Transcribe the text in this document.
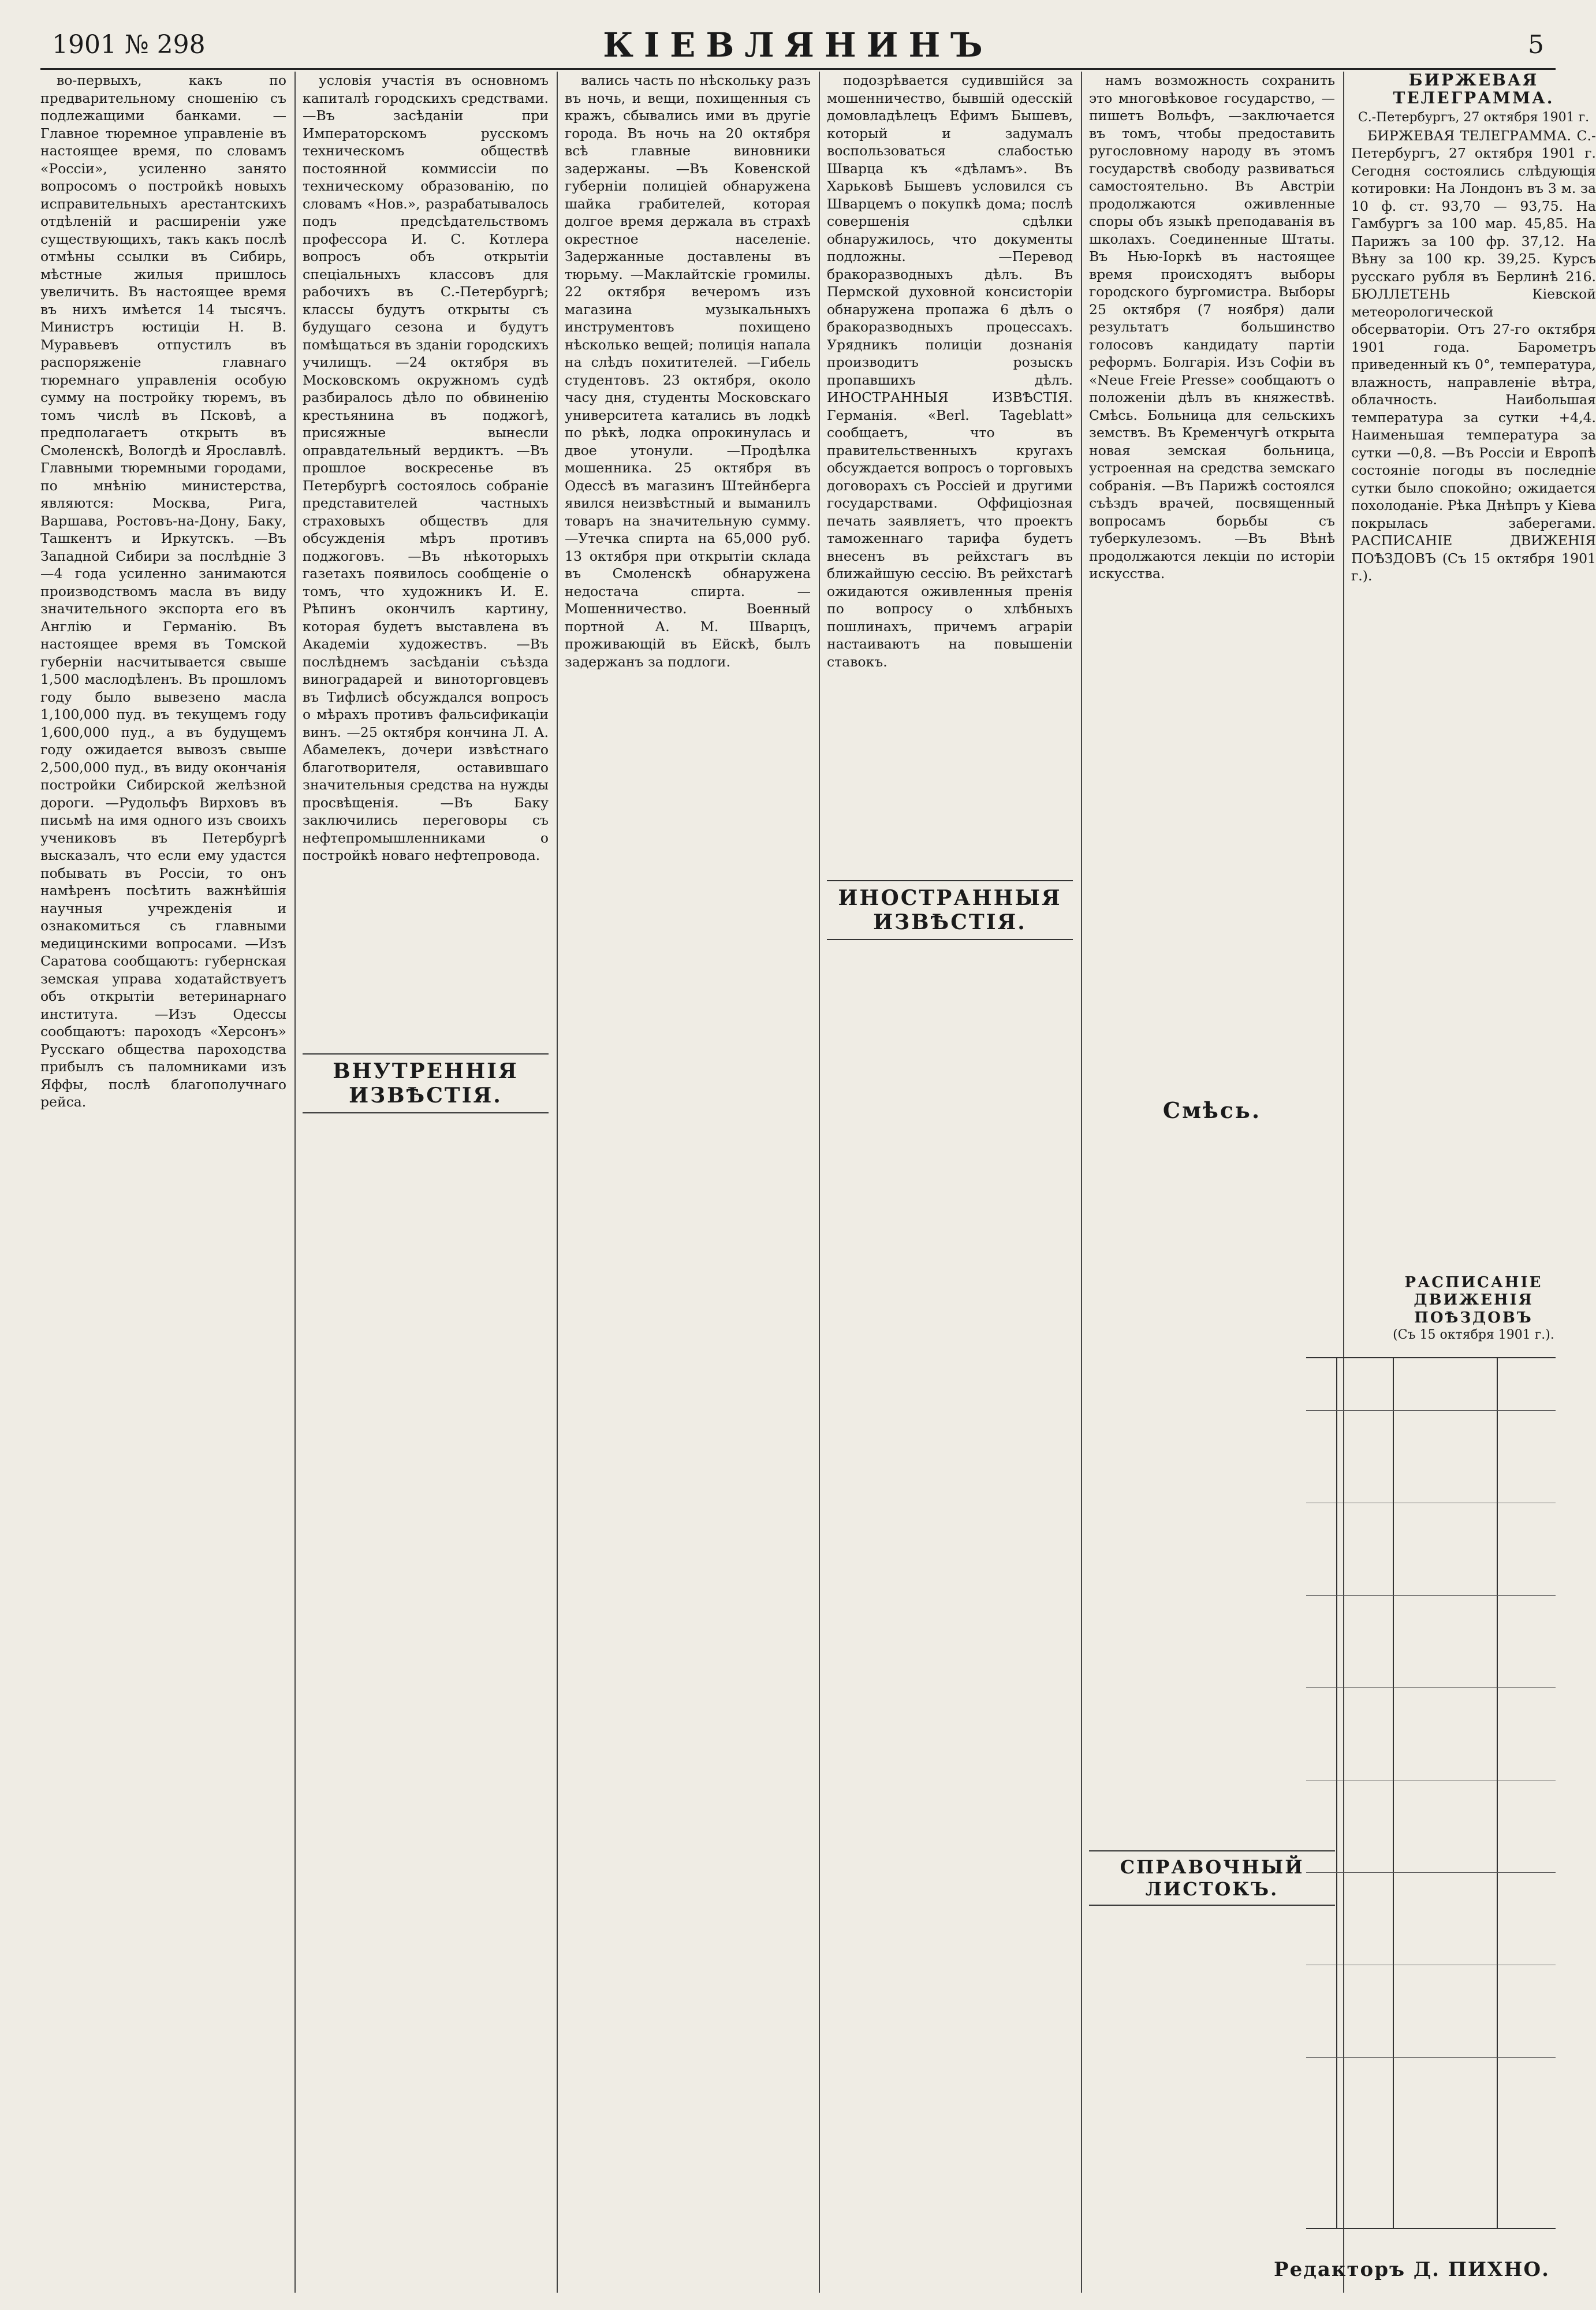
1901 № 298	КІЕВЛЯНИНЪ	5

во-первыхъ, какъ по предварительному сношенію съ подлежащими банками. —Главное тюремное управленіе въ настоящее время, по словамъ «Россіи», усиленно занято вопросомъ о постройкѣ новыхъ исправительныхъ арестантскихъ отдѣленій и расширеніи уже существующихъ, такъ какъ послѣ отмѣны ссылки въ Сибирь, мѣстные жилыя пришлось увеличить. Въ настоящее время въ нихъ имѣется 14 тысячъ. Министръ юстиціи Н. В. Муравьевъ отпустилъ въ распоряженіе главнаго тюремнаго управленія особую сумму на постройку тюремъ, въ томъ числѣ въ Псковѣ, а предполагаетъ открыть въ Смоленскѣ, Вологдѣ и Ярославлѣ. Главными тюремными городами, по мнѣнію министерства, являются: Москва, Рига, Варшава, Ростовъ-на-Дону, Баку, Ташкентъ и Иркутскъ. —Въ Западной Сибири за послѣдніе 3—4 года усиленно занимаются производствомъ масла въ виду значительного экспорта его въ Англію и Германію. Въ настоящее время въ Томской губерніи насчитывается свыше 1,500 маслодѣленъ. Въ прошломъ году было вывезено масла 1,100,000 пуд. въ текущемъ году 1,600,000 пуд., а въ будущемъ году ожидается вывозъ свыше 2,500,000 пуд., въ виду окончанія постройки Сибирской желѣзной дороги. —Рудольфъ Вирховъ въ письмѣ на имя одного изъ своихъ учениковъ въ Петербургѣ высказалъ, что если ему удастся побывать въ Россіи, то онъ намѣренъ посѣтить важнѣйшія научныя учрежденія и ознакомиться съ главными медицинскими вопросами. —Изъ Саратова сообщаютъ: губернская земская управа ходатайствуетъ объ открытіи ветеринарнаго института. —Изъ Одессы сообщаютъ: пароходъ «Херсонъ» Русскаго общества пароходства прибылъ съ паломниками изъ Яффы, послѣ благополучнаго рейса.

условія участія въ основномъ капиталѣ городскихъ средствами. —Въ засѣданіи при Императорскомъ русскомъ техническомъ обществѣ постоянной коммиссіи по техническому образованію, по словамъ «Нов.», разрабатывалось подъ предсѣдательствомъ профессора И. С. Котлера вопросъ объ открытіи спеціальныхъ классовъ для рабочихъ въ С.-Петербургѣ; классы будутъ открыты съ будущаго сезона и будутъ помѣщаться въ зданіи городскихъ училищъ. —24 октября въ Московскомъ окружномъ судѣ разбиралось дѣло по обвиненію крестьянина въ поджогѣ, присяжные вынесли оправдательный вердиктъ. —Въ прошлое воскресенье въ Петербургѣ состоялось собраніе представителей частныхъ страховыхъ обществъ для обсужденія мѣръ противъ поджоговъ. —Въ нѣкоторыхъ газетахъ появилось сообщеніе о томъ, что художникъ И. Е. Рѣпинъ окончилъ картину, которая будетъ выставлена въ Академіи художествъ. —Въ послѣднемъ засѣданіи съѣзда виноградарей и виноторговцевъ въ Тифлисѣ обсуждался вопросъ о мѣрахъ противъ фальсификаціи винъ. —25 октября кончина Л. А. Абамелекъ, дочери извѣстнаго благотворителя, оставившаго значительныя средства на нужды просвѣщенія. —Въ Баку заключились переговоры съ нефтепромышленниками о постройкѣ новаго нефтепровода.

ВНУТРЕННІЯ ИЗВѢСТІЯ.

вались часть по нѣскольку разъ въ ночь, и вещи, похищенныя съ кражъ, сбывались ими въ другіе города. Въ ночь на 20 октября всѣ главные виновники задержаны. —Въ Ковенской губерніи полиціей обнаружена шайка грабителей, которая долгое время держала въ страхѣ окрестное населеніе. Задержанные доставлены въ тюрьму. —Маклайтскіе громилы. 22 октября вечеромъ изъ магазина музыкальныхъ инструментовъ похищено нѣсколько вещей; полиція напала на слѣдъ похитителей. —Гибель студентовъ. 23 октября, около часу дня, студенты Московскаго университета катались въ лодкѣ по рѣкѣ, лодка опрокинулась и двое утонули. —Продѣлка мошенника. 25 октября въ Одессѣ въ магазинъ Штейнберга явился неизвѣстный и выманилъ товаръ на значительную сумму. —Утечка спирта на 65,000 руб. 13 октября при открытіи склада въ Смоленскѣ обнаружена недостача спирта. —Мошенничество. Военный портной А. М. Шварцъ, проживающій въ Ейскѣ, былъ задержанъ за подлоги.

подозрѣвается судившійся за мошенничество, бывшій одесскій домовладѣлецъ Ефимъ Бышевъ, который и задумалъ воспользоваться слабостью Шварца къ «дѣламъ». Въ Харьковѣ Бышевъ условился съ Шварцемъ о покупкѣ дома; послѣ совершенія сдѣлки обнаружилось, что документы подложны. —Перевод бракоразводныхъ дѣлъ. Въ Пермской духовной консисторіи обнаружена пропажа 6 дѣлъ о бракоразводныхъ процессахъ. Урядникъ полиціи дознанія производитъ розыскъ пропавшихъ дѣлъ. ИНОСТРАННЫЯ ИЗВѢСТІЯ. Германія. «Berl. Tageblatt» сообщаетъ, что въ правительственныхъ кругахъ обсуждается вопросъ о торговыхъ договорахъ съ Россіей и другими государствами. Оффиціозная печать заявляетъ, что проектъ таможеннаго тарифа будетъ внесенъ въ рейхстагъ въ ближайшую сессію. Въ рейхстагѣ ожидаются оживленныя пренія по вопросу о хлѣбныхъ пошлинахъ, причемъ аграріи настаиваютъ на повышеніи ставокъ.

ИНОСТРАННЫЯ ИЗВѢСТІЯ.

намъ возможность сохранить это многовѣковое государство, —пишетъ Вольфъ, —заключается въ томъ, чтобы предоставить ругословному народу въ этомъ государствѣ свободу развиваться самостоятельно. Въ Австріи продолжаются оживленные споры объ языкѣ преподаванія въ школахъ. Соединенные Штаты. Въ Нью-Іоркѣ въ настоящее время происходятъ выборы городского бургомистра. Выборы 25 октября (7 ноября) дали результатъ большинство голосовъ кандидату партіи реформъ. Болгарія. Изъ Софіи въ «Neue Freie Presse» сообщаютъ о положеніи дѣлъ въ княжествѣ. Смѣсь. Больница для сельскихъ земствъ. Въ Кременчугѣ открыта новая земская больница, устроенная на средства земскаго собранія. —Въ Парижѣ состоялся съѣздъ врачей, посвященный вопросамъ борьбы съ туберкулезомъ. —Въ Вѣнѣ продолжаются лекціи по исторіи искусства.

Смѣсь.
СПРАВОЧНЫЙ ЛИСТОКЪ.
БИРЖЕВАЯ ТЕЛЕГРАММА.
С.-Петербургъ, 27 октября 1901 г.

БИРЖЕВАЯ ТЕЛЕГРАММА. С.-Петербургъ, 27 октября 1901 г. Сегодня состоялись слѣдующія котировки: На Лондонъ въ 3 м. за 10 ф. ст. 93,70 — 93,75. На Гамбургъ за 100 мар. 45,85. На Парижъ за 100 фр. 37,12. На Вѣну за 100 кр. 39,25. Курсъ русскаго рубля въ Берлинѣ 216. БЮЛЛЕТЕНЬ Кіевской метеорологической обсерваторіи. Отъ 27-го октября 1901 года. Барометръ приведенный къ 0°, температура, влажность, направленіе вѣтра, облачность. Наибольшая температура за сутки +4,4. Наименьшая температура за сутки —0,8. —Въ Россіи и Европѣ состояніе погоды въ последніе сутки было спокойно; ожидается похолоданіе. Рѣка Днѣпръ у Кіева покрылась заберегами. РАСПИСАНІЕ ДВИЖЕНІЯ ПОѢЗДОВЪ (Съ 15 октября 1901 г.).

РАСПИСАНІЕ ДВИЖЕНІЯ ПОѢЗДОВЪ
(Съ 15 октября 1901 г.).
Редакторъ Д. ПИХНО.
